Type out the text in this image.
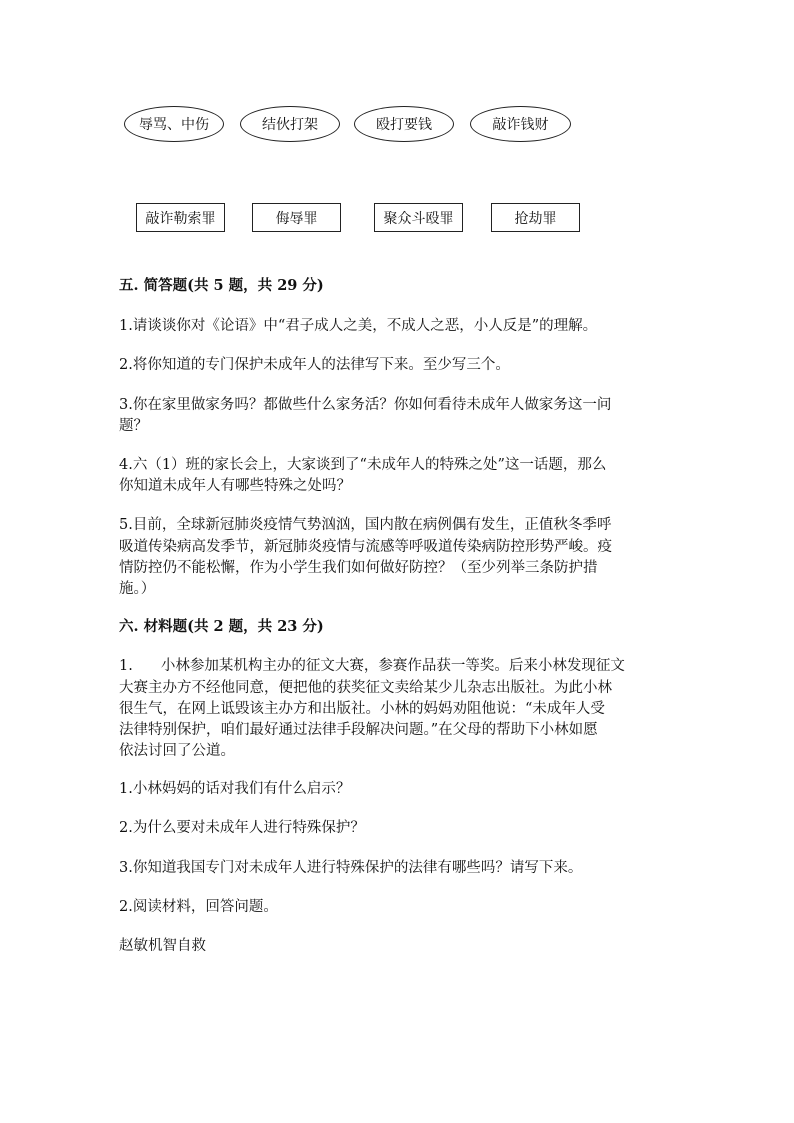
辱骂、中伤	结伙打架	殴打要钱	敲诈钱财
敲诈勒索罪	侮辱罪	聚众斗殴罪	抢劫罪
五. 简答题(共 5 题，共 29 分)
1.请谈谈你对《论语》中“君子成人之美，不成人之恶，小人反是”的理解。
2.将你知道的专门保护未成年人的法律写下来。至少写三个。
3.你在家里做家务吗？都做些什么家务活？你如何看待未成年人做家务这一问
题？
4.六（1）班的家长会上，大家谈到了“未成年人的特殊之处”这一话题，那么
你知道未成年人有哪些特殊之处吗？
5.目前，全球新冠肺炎疫情气势汹汹，国内散在病例偶有发生，正值秋冬季呼
吸道传染病高发季节，新冠肺炎疫情与流感等呼吸道传染病防控形势严峻。疫
情防控仍不能松懈，作为小学生我们如何做好防控？（至少列举三条防护措
施。）
六. 材料题(共 2 题，共 23 分)
1. 小林参加某机构主办的征文大赛，参赛作品获一等奖。后来小林发现征文
大赛主办方不经他同意，便把他的获奖征文卖给某少儿杂志出版社。为此小林
很生气，在网上诋毁该主办方和出版社。小林的妈妈劝阻他说：“未成年人受
法律特别保护，咱们最好通过法律手段解决问题。”在父母的帮助下小林如愿
依法讨回了公道。
1.小林妈妈的话对我们有什么启示？
2.为什么要对未成年人进行特殊保护？
3.你知道我国专门对未成年人进行特殊保护的法律有哪些吗？请写下来。
2.阅读材料，回答问题。
赵敏机智自救
